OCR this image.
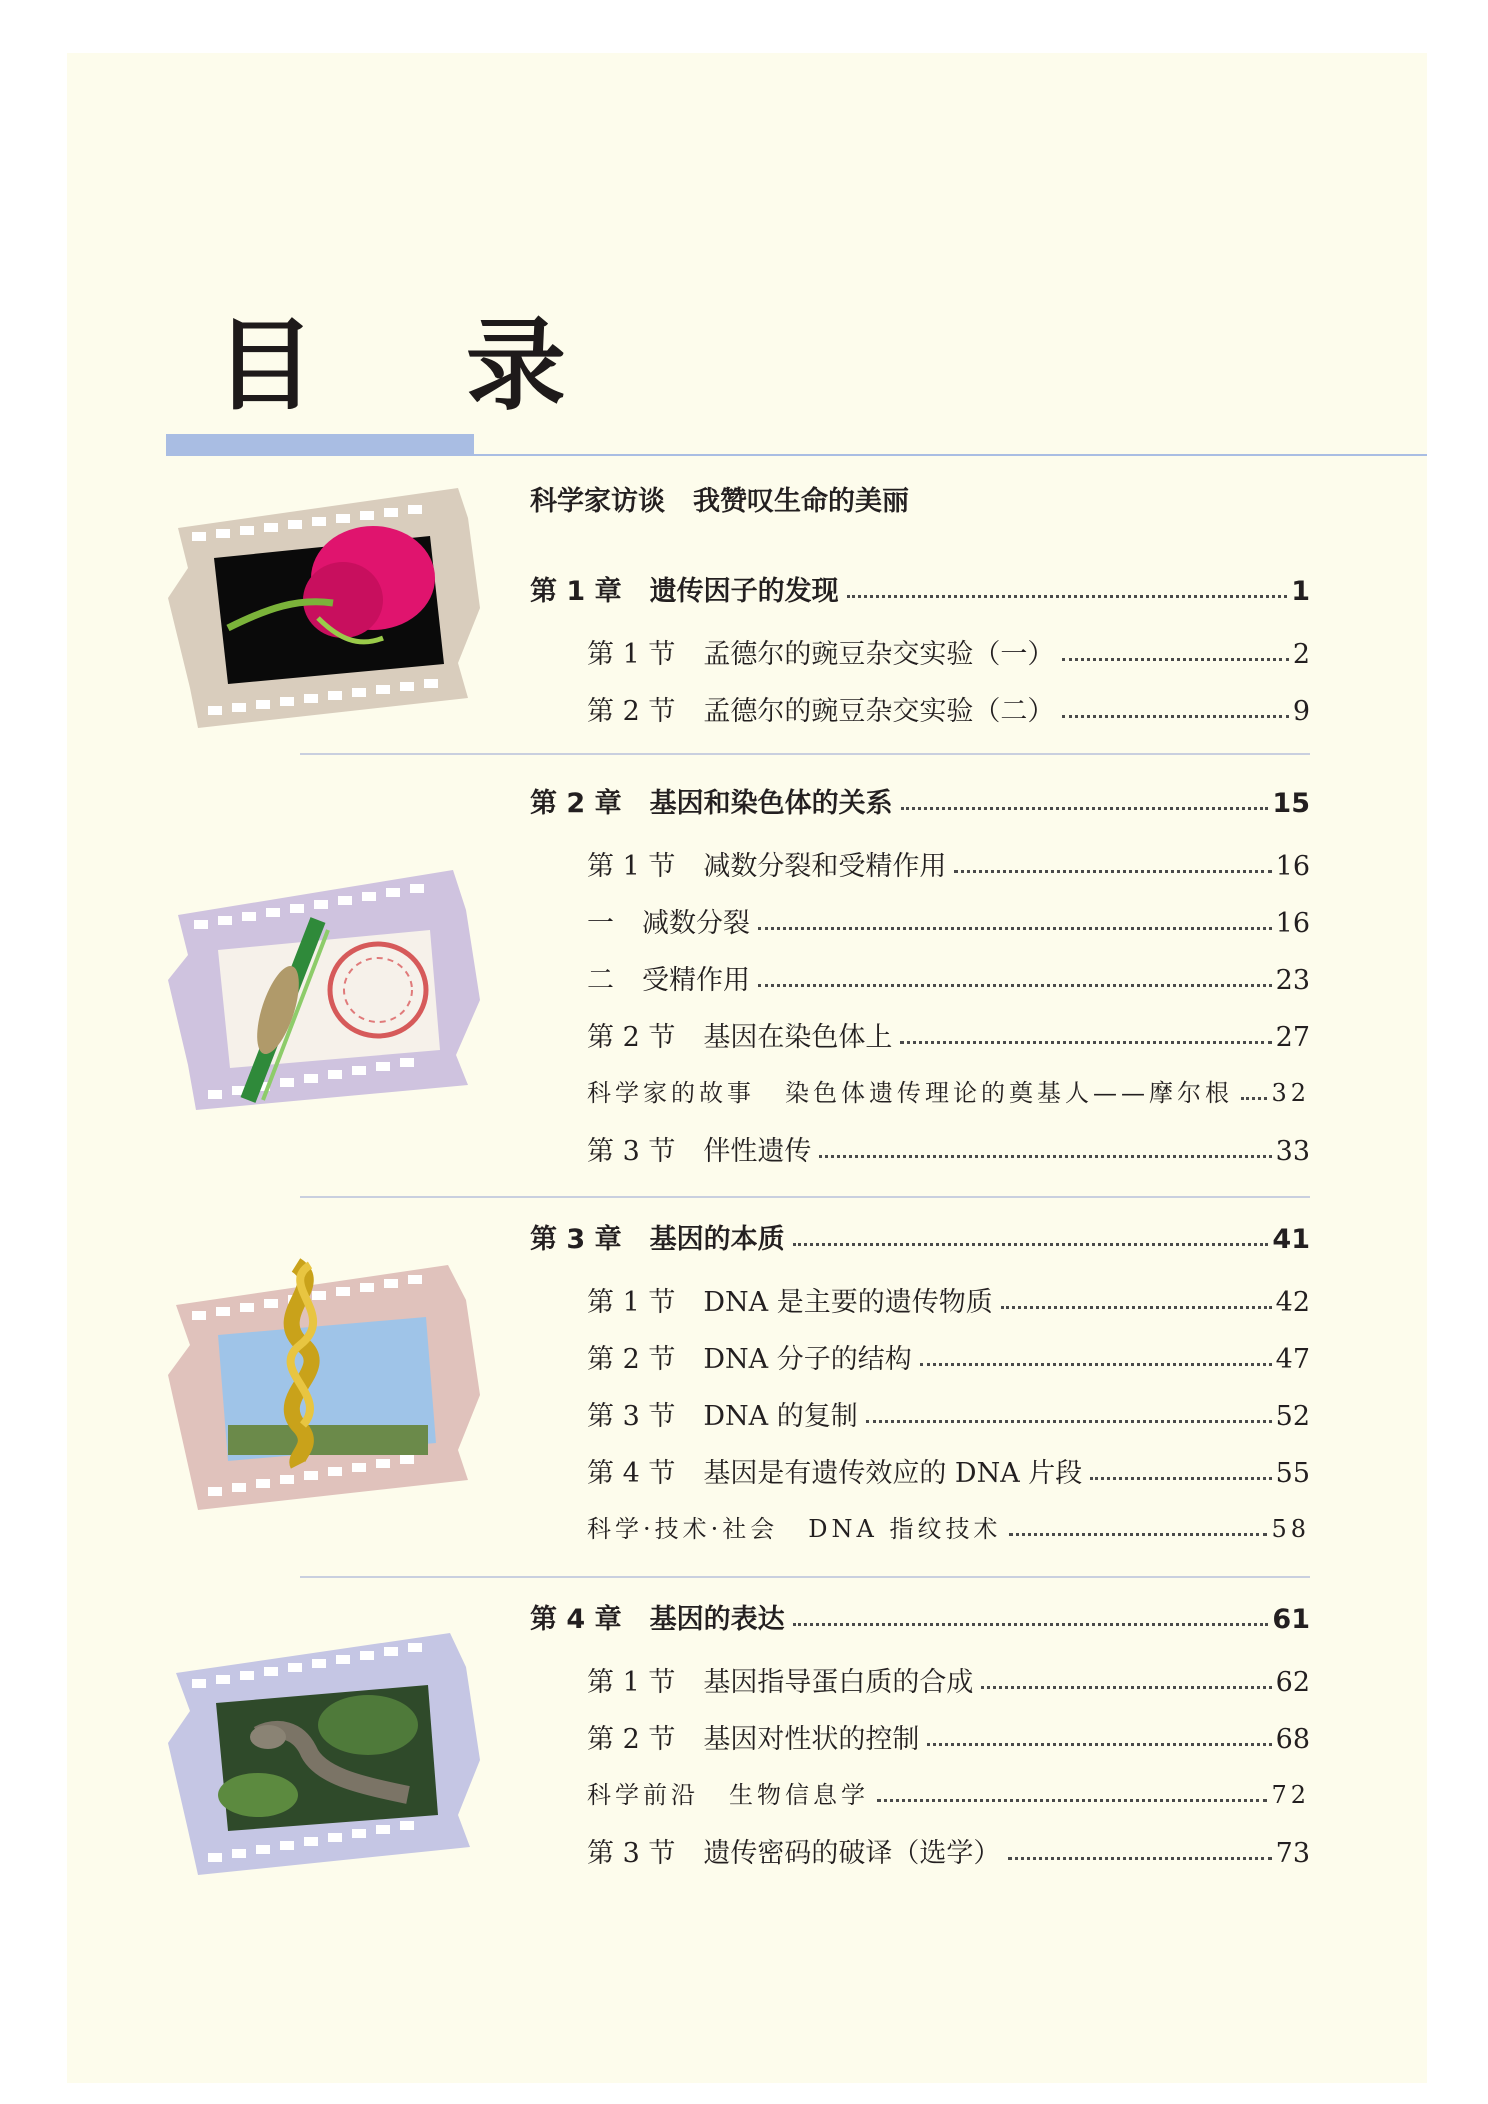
目 录
科学家访谈 我赞叹生命的美丽
第 1 章 遗传因子的发现	1
第 1 节 孟德尔的豌豆杂交实验（一）	2
第 2 节 孟德尔的豌豆杂交实验（二）	9
第 2 章 基因和染色体的关系	15
第 1 节 减数分裂和受精作用	16
一 减数分裂	16
二 受精作用	23
第 2 节 基因在染色体上	27
科学家的故事 染色体遗传理论的奠基人——摩尔根 32
第 3 节 伴性遗传	33
第 3 章 基因的本质	41
第 1 节 DNA 是主要的遗传物质	42
第 2 节 DNA 分子的结构	47
第 3 节 DNA 的复制	52
第 4 节 基因是有遗传效应的 DNA 片段	55
科学·技术·社会 DNA 指纹技术	58
第 4 章 基因的表达	61
第 1 节 基因指导蛋白质的合成	62
第 2 节 基因对性状的控制	68
科学前沿 生物信息学	72
第 3 节 遗传密码的破译（选学）	73
